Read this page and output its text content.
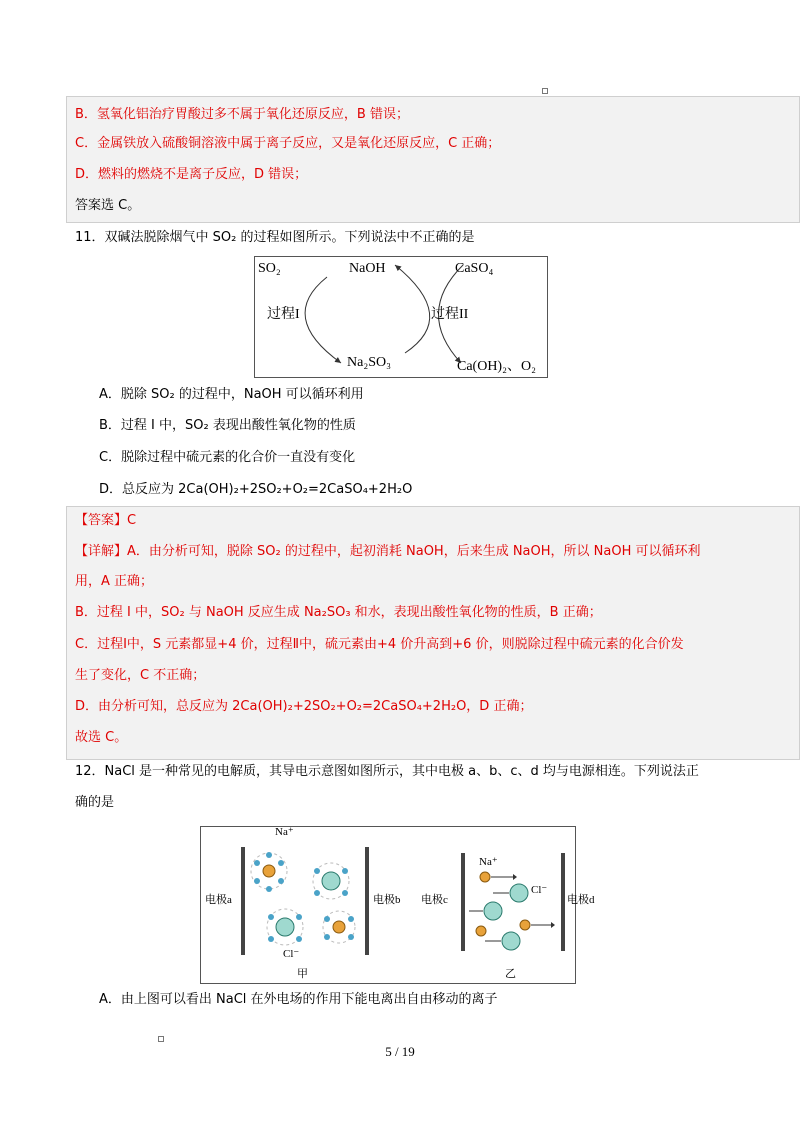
B．氢氧化铝治疗胃酸过多不属于氧化还原反应，B 错误；
C．金属铁放入硫酸铜溶液中属于离子反应，又是氧化还原反应，C 正确；
D．燃料的燃烧不是离子反应，D 错误；
答案选 C。
11．双碱法脱除烟气中 SO₂ 的过程如图所示。下列说法中不正确的是
SO₂	NaOH	CaSO₄
过程I	过程II
Na₂SO₃	Ca(OH)₂、O₂
A．脱除 SO₂ 的过程中，NaOH 可以循环利用
B．过程 I 中，SO₂ 表现出酸性氧化物的性质
C．脱除过程中硫元素的化合价一直没有变化
D．总反应为 2Ca(OH)₂+2SO₂+O₂=2CaSO₄+2H₂O
【答案】C
【详解】A．由分析可知，脱除 SO₂ 的过程中，起初消耗 NaOH，后来生成 NaOH，所以 NaOH 可以循环利
用，A 正确；
B．过程 I 中，SO₂ 与 NaOH 反应生成 Na₂SO₃ 和水，表现出酸性氧化物的性质，B 正确；
C．过程Ⅰ中，S 元素都显+4 价，过程Ⅱ中，硫元素由+4 价升高到+6 价，则脱除过程中硫元素的化合价发
生了变化，C 不正确；
D．由分析可知，总反应为 2Ca(OH)₂+2SO₂+O₂=2CaSO₄+2H₂O，D 正确；
故选 C。
12．NaCl 是一种常见的电解质，其导电示意图如图所示，其中电极 a、b、c、d 均与电源相连。下列说法正
确的是
Na⁺
电极a	电极b
Cl⁻
甲
Na⁺
Cl⁻
电极c	电极d
乙
A．由上图可以看出 NaCl 在外电场的作用下能电离出自由移动的离子
5 / 19
